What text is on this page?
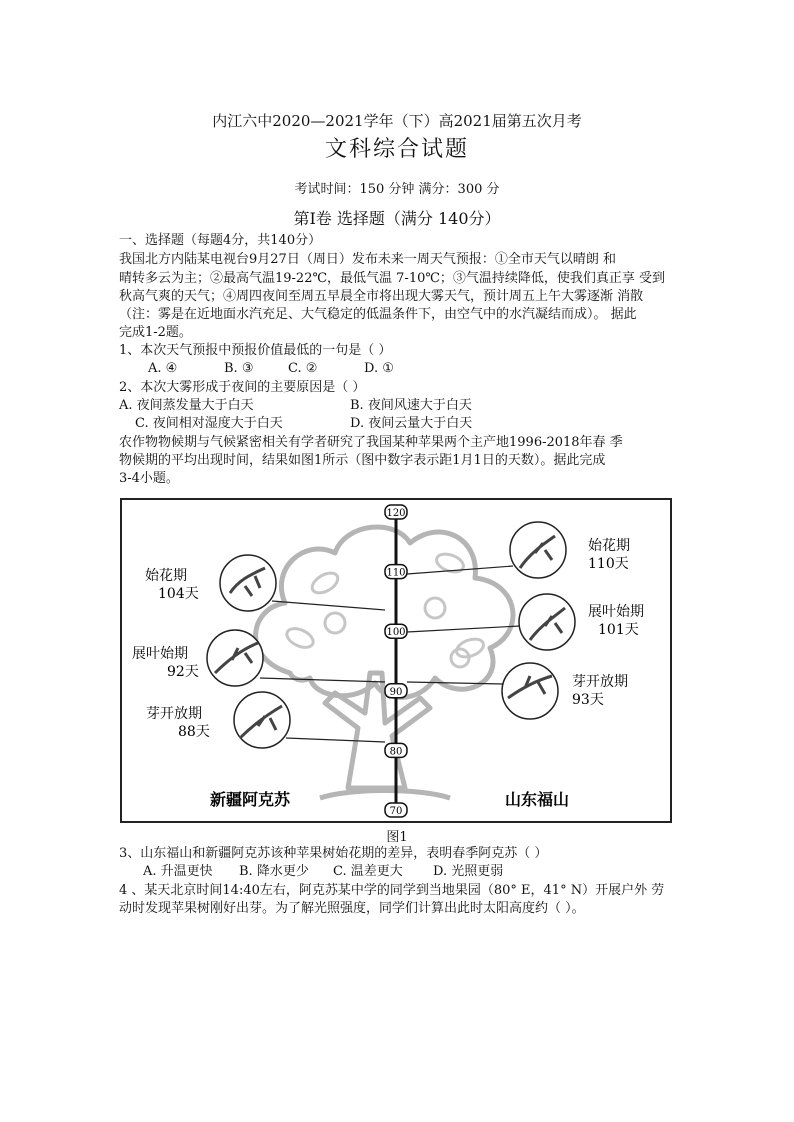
内江六中2020—2021学年（下）高2021届第五次月考
文科综合试题
考试时间：150 分钟 满分：300 分
第Ⅰ卷 选择题（满分 140分）
一、选择题（每题4分，共140分）
我国北方内陆某电视台9月27日（周日）发布未来一周天气预报：①全市天气以晴朗 和
晴转多云为主；②最高气温19-22℃，最低气温 7-10℃；③气温持续降低，使我们真正享 受到
秋高气爽的天气；④周四夜间至周五早晨全市将出现大雾天气，预计周五上午大雾逐渐 消散
（注：雾是在近地面水汽充足、大气稳定的低温条件下，由空气中的水汽凝结而成）。 据此
完成1-2题。
1、本次天气预报中预报价值最低的一句是（ ）
A. ④	B. ③	C. ②	D. ①
2、本次大雾形成于夜间的主要原因是（ ）
A. 夜间蒸发量大于白天	B. 夜间风速大于白天
C. 夜间相对湿度大于白天	D. 夜间云量大于白天
农作物物候期与气候紧密相关有学者研究了我国某种苹果两个主产地1996-2018年春 季
物候期的平均出现时间，结果如图1所示（图中数字表示距1月1日的天数）。据此完成
3-4小题。
120
110
100
90
80
70
始花期
104天
展叶始期
92天
芽开放期
88天
始花期
110天
展叶始期
101天
芽开放期
93天
新疆阿克苏	山东福山
图1
3、山东福山和新疆阿克苏该种苹果树始花期的差异，表明春季阿克苏（ ）
A. 升温更快 B. 降水更少 C. 温差更大 D. 光照更弱
4 、某天北京时间14:40左右，阿克苏某中学的同学到当地果园（80° E，41° N）开展户外 劳
动时发现苹果树刚好出芽。为了解光照强度，同学们计算出此时太阳高度约（ ）。
